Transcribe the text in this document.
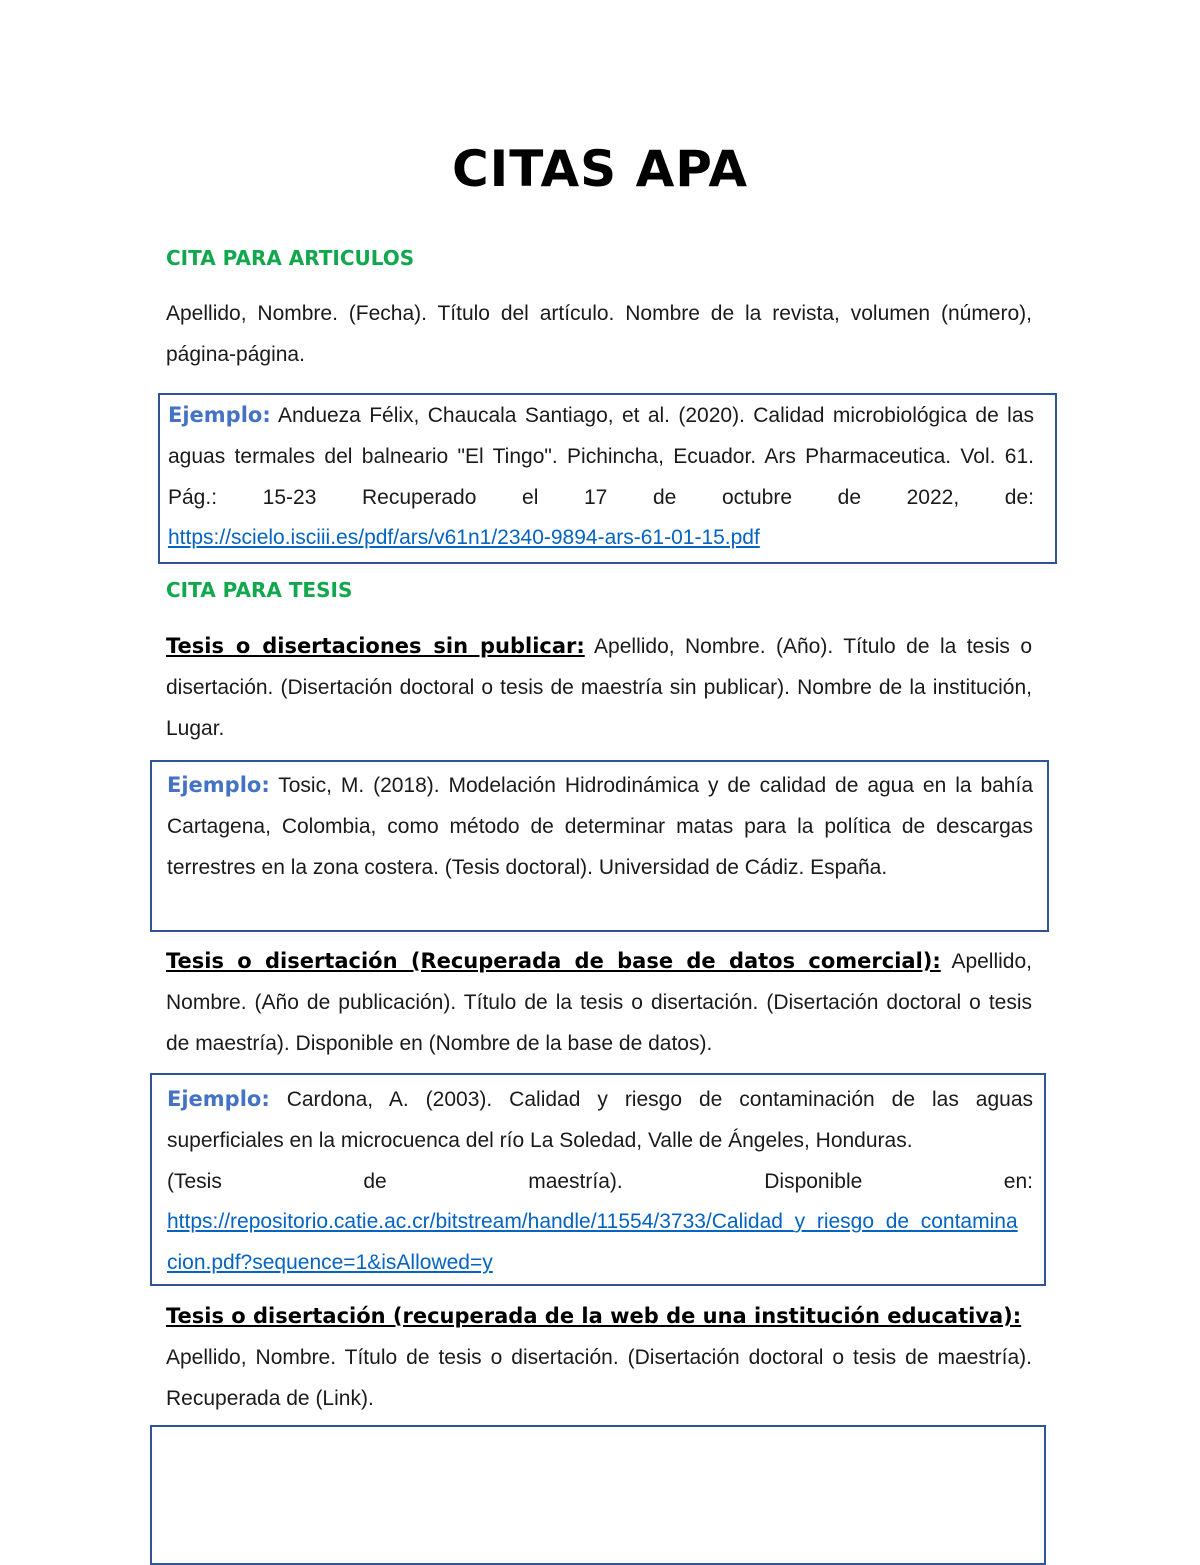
CITAS APA

CITA PARA ARTICULOS

Apellido, Nombre. (Fecha). Título del artículo. Nombre de la revista, volumen (número), página-página.

Ejemplo: Andueza Félix, Chaucala Santiago, et al. (2020). Calidad microbiológica de las aguas termales del balneario "El Tingo". Pichincha, Ecuador. Ars Pharmaceutica. Vol. 61. Pág.: 15-23 Recuperado el 17 de octubre de 2022, de: https://scielo.isciii.es/pdf/ars/v61n1/2340-9894-ars-61-01-15.pdf

CITA PARA TESIS

Tesis o disertaciones sin publicar: Apellido, Nombre. (Año). Título de la tesis o disertación. (Disertación doctoral o tesis de maestría sin publicar). Nombre de la institución, Lugar.

Ejemplo: Tosic, M. (2018). Modelación Hidrodinámica y de calidad de agua en la bahía Cartagena, Colombia, como método de determinar matas para la política de descargas terrestres en la zona costera. (Tesis doctoral). Universidad de Cádiz. España.

Tesis o disertación (Recuperada de base de datos comercial): Apellido, Nombre. (Año de publicación). Título de la tesis o disertación. (Disertación doctoral o tesis de maestría). Disponible en (Nombre de la base de datos).

Ejemplo: Cardona, A. (2003). Calidad y riesgo de contaminación de las aguas superficiales en la microcuenca del río La Soledad, Valle de Ángeles, Honduras.

(Tesis de maestría). Disponible en:

https://repositorio.catie.ac.cr/bitstream/handle/11554/3733/Calidad_y_riesgo_de_contaminacion.pdf?sequence=1&isAllowed=y

Tesis o disertación (recuperada de la web de una institución educativa):
Apellido, Nombre. Título de tesis o disertación. (Disertación doctoral o tesis de maestría). Recuperada de (Link).
